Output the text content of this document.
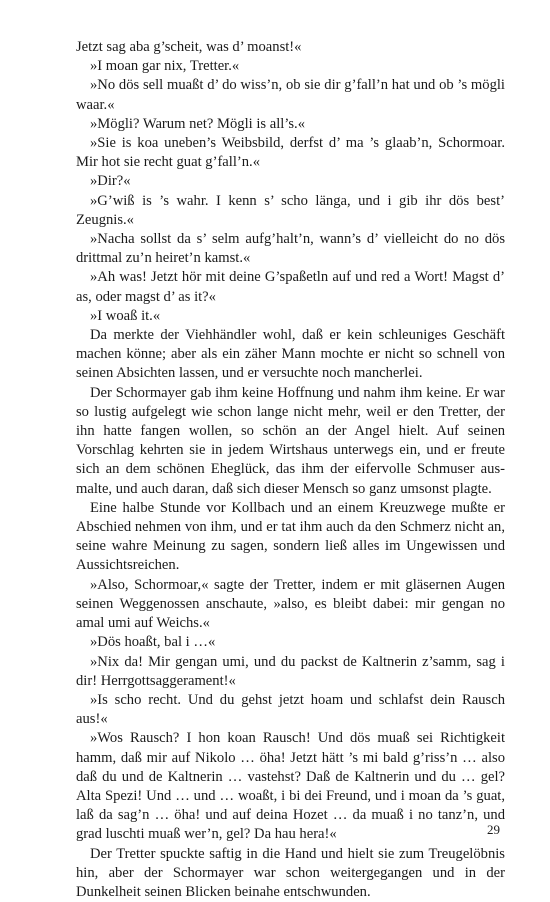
Jetzt sag aba g’scheit, was d’ moanst!«

»I moan gar nix, Tretter.«

»No dös sell muaßt d’ do wiss’n, ob sie dir g’fall’n hat und ob ’s mögli waar.«

»Mögli? Warum net? Mögli is all’s.«

»Sie is koa uneben’s Weibsbild, derfst d’ ma ’s glaab’n, Schormoar. Mir hot sie recht guat g’fall’n.«

»Dir?«

»G’wiß is ’s wahr. I kenn s’ scho länga, und i gib ihr dös best’ Zeugnis.«

»Nacha sollst da s’ selm aufg’halt’n, wann’s d’ vielleicht do no dös drittmal zu’n heiret’n kamst.«

»Ah was! Jetzt hör mit deine G’spaßetln auf und red a Wort! Magst d’ as, oder magst d’ as it?«

»I woaß it.«

Da merkte der Viehhändler wohl, daß er kein schleuniges Geschäft machen könne; aber als ein zäher Mann mochte er nicht so schnell von seinen Absichten lassen, und er versuchte noch mancherlei.

Der Schormayer gab ihm keine Hoffnung und nahm ihm keine. Er war so lustig aufgelegt wie schon lange nicht mehr, weil er den Tretter, der ihn hatte fangen wollen, so schön an der Angel hielt. Auf seinen Vorschlag kehrten sie in jedem Wirtshaus unterwegs ein, und er freute sich an dem schönen Eheglück, das ihm der eifervolle Schmuser ausmalte, und auch daran, daß sich dieser Mensch so ganz umsonst plagte.

Eine halbe Stunde vor Kollbach und an einem Kreuzwege mußte er Abschied nehmen von ihm, und er tat ihm auch da den Schmerz nicht an, seine wahre Meinung zu sagen, sondern ließ alles im Ungewissen und Aussichtsreichen.

»Also, Schormoar,« sagte der Tretter, indem er mit gläsernen Augen seinen Weggenossen anschaute, »also, es bleibt dabei: mir gengan no amal umi auf Weichs.«

»Dös hoaßt, bal i …«

»Nix da! Mir gengan umi, und du packst de Kaltnerin z’samm, sag i dir! Herrgottsaggerament!«

»Is scho recht. Und du gehst jetzt hoam und schlafst dein Rausch aus!«

»Wos Rausch? I hon koan Rausch! Und dös muaß sei Richtigkeit hamm, daß mir auf Nikolo … öha! Jetzt hätt ’s mi bald g’riss’n … also daß du und de Kaltnerin … vastehst? Daß de Kaltnerin und du … gel? Alta Spezi! Und … und … woaßt, i bi dei Freund, und i moan da ’s guat, laß da sag’n … öha! und auf deina Hozet … da muaß i no tanz’n, und grad luschti muaß wer’n, gel? Da hau hera!«

Der Tretter spuckte saftig in die Hand und hielt sie zum Treugelöbnis hin, aber der Schormayer war schon weitergegangen und in der Dunkelheit seinen Blicken beinahe entschwunden.

29
